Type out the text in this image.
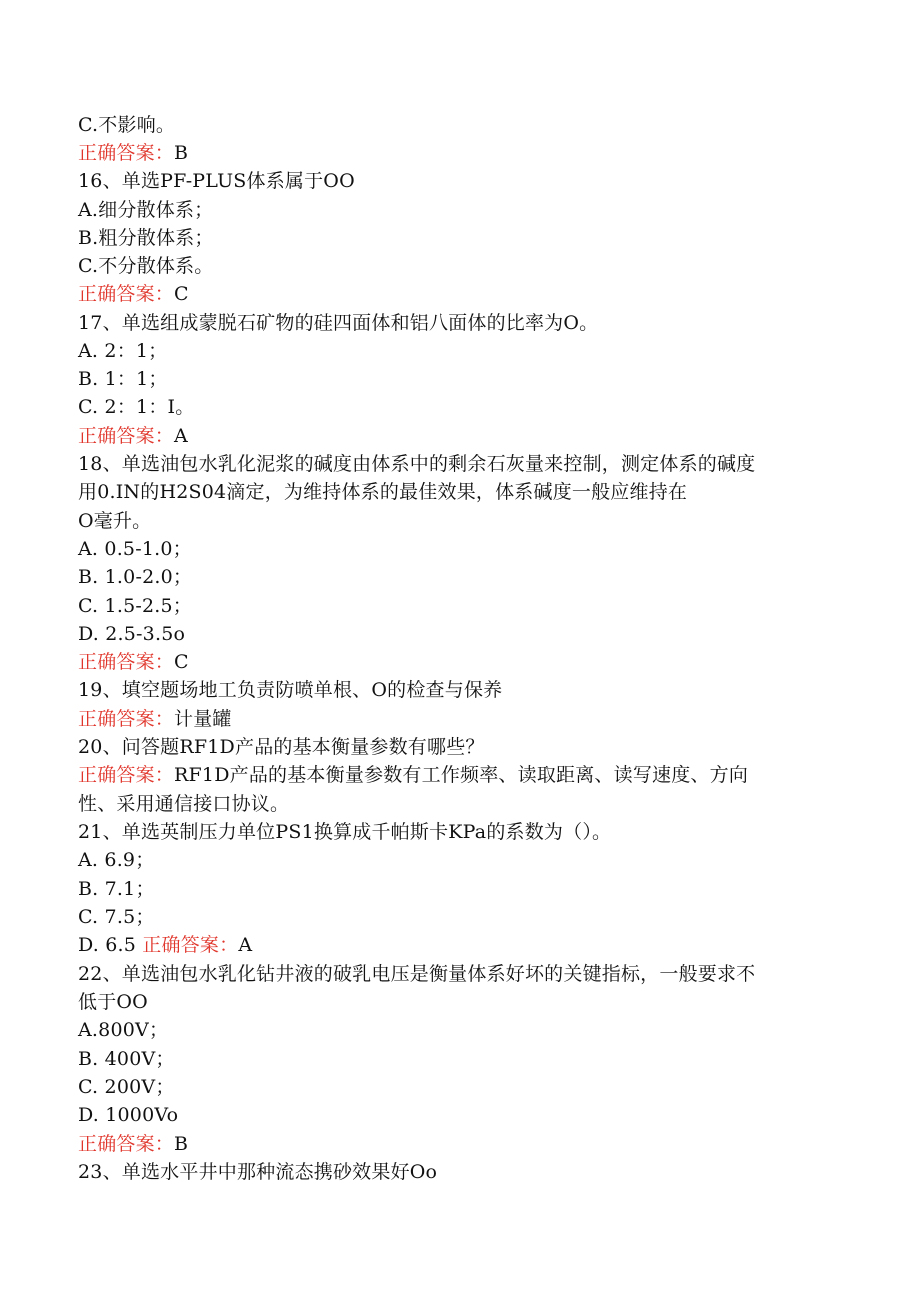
C.不影响。
正确答案：B
16、单选PF-PLUS体系属于OO
A.细分散体系；
B.粗分散体系；
C.不分散体系。
正确答案：C
17、单选组成蒙脱石矿物的硅四面体和铝八面体的比率为O。
A. 2：1；
B. 1：1；
C. 2：1：I。
正确答案：A
18、单选油包水乳化泥浆的碱度由体系中的剩余石灰量来控制，测定体系的碱度
用0.IN的H2S04滴定，为维持体系的最佳效果，体系碱度一般应维持在
O毫升。
A. 0.5-1.0；
B. 1.0-2.0；
C. 1.5-2.5；
D. 2.5-3.5o
正确答案：C
19、填空题场地工负责防喷单根、O的检查与保养
正确答案：计量罐
20、问答题RF1D产品的基本衡量参数有哪些？
正确答案：RF1D产品的基本衡量参数有工作频率、读取距离、读写速度、方向
性、采用通信接口协议。
21、单选英制压力单位PS1换算成千帕斯卡KPa的系数为（）。
A. 6.9；
B. 7.1；
C. 7.5；
D. 6.5 正确答案：A
22、单选油包水乳化钻井液的破乳电压是衡量体系好坏的关键指标，一般要求不
低于OO
A.800V；
B. 400V；
C. 200V；
D. 1000Vo
正确答案：B
23、单选水平井中那种流态携砂效果好Oo
